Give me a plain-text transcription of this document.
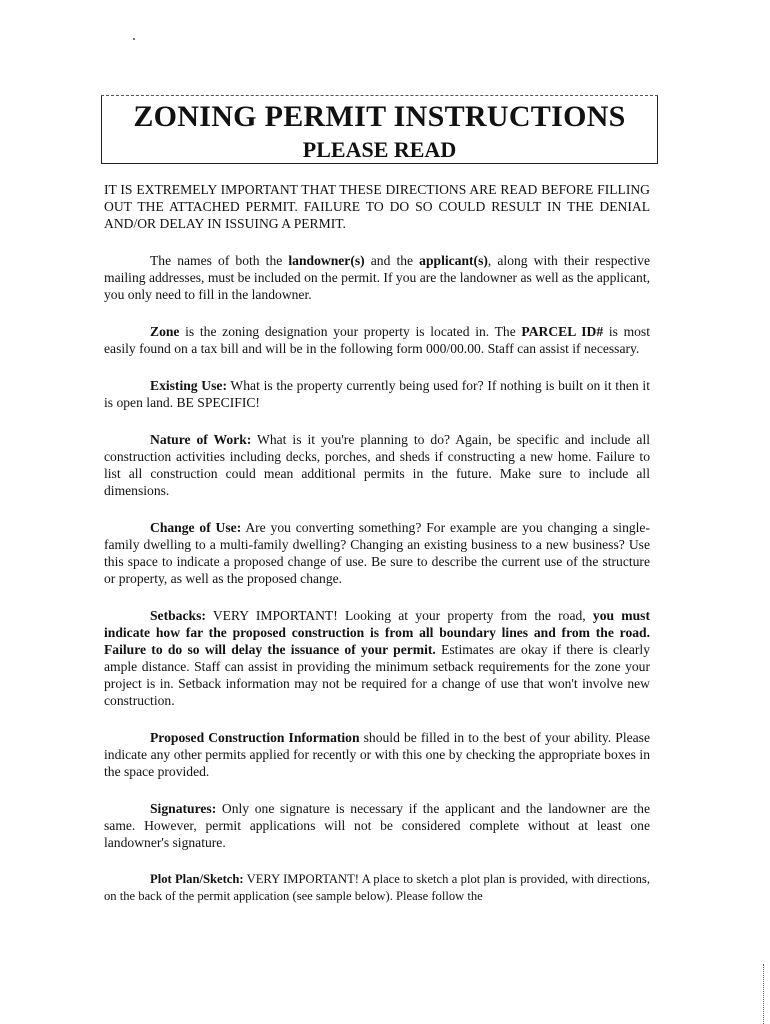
ZONING PERMIT INSTRUCTIONS
PLEASE READ

IT IS EXTREMELY IMPORTANT THAT THESE DIRECTIONS ARE READ BEFORE FILLING OUT THE ATTACHED PERMIT. FAILURE TO DO SO COULD RESULT IN THE DENIAL AND/OR DELAY IN ISSUING A PERMIT.

The names of both the landowner(s) and the applicant(s), along with their respective mailing addresses, must be included on the permit. If you are the landowner as well as the applicant, you only need to fill in the landowner.

Zone is the zoning designation your property is located in. The PARCEL ID# is most easily found on a tax bill and will be in the following form 000/00.00. Staff can assist if necessary.

Existing Use: What is the property currently being used for? If nothing is built on it then it is open land. BE SPECIFIC!

Nature of Work: What is it you're planning to do? Again, be specific and include all construction activities including decks, porches, and sheds if constructing a new home. Failure to list all construction could mean additional permits in the future. Make sure to include all dimensions.

Change of Use: Are you converting something? For example are you changing a single-family dwelling to a multi-family dwelling? Changing an existing business to a new business? Use this space to indicate a proposed change of use. Be sure to describe the current use of the structure or property, as well as the proposed change.

Setbacks: VERY IMPORTANT! Looking at your property from the road, you must indicate how far the proposed construction is from all boundary lines and from the road. Failure to do so will delay the issuance of your permit. Estimates are okay if there is clearly ample distance. Staff can assist in providing the minimum setback requirements for the zone your project is in. Setback information may not be required for a change of use that won't involve new construction.

Proposed Construction Information should be filled in to the best of your ability. Please indicate any other permits applied for recently or with this one by checking the appropriate boxes in the space provided.

Signatures: Only one signature is necessary if the applicant and the landowner are the same. However, permit applications will not be considered complete without at least one landowner's signature.

Plot Plan/Sketch: VERY IMPORTANT! A place to sketch a plot plan is provided, with directions, on the back of the permit application (see sample below). Please follow the
